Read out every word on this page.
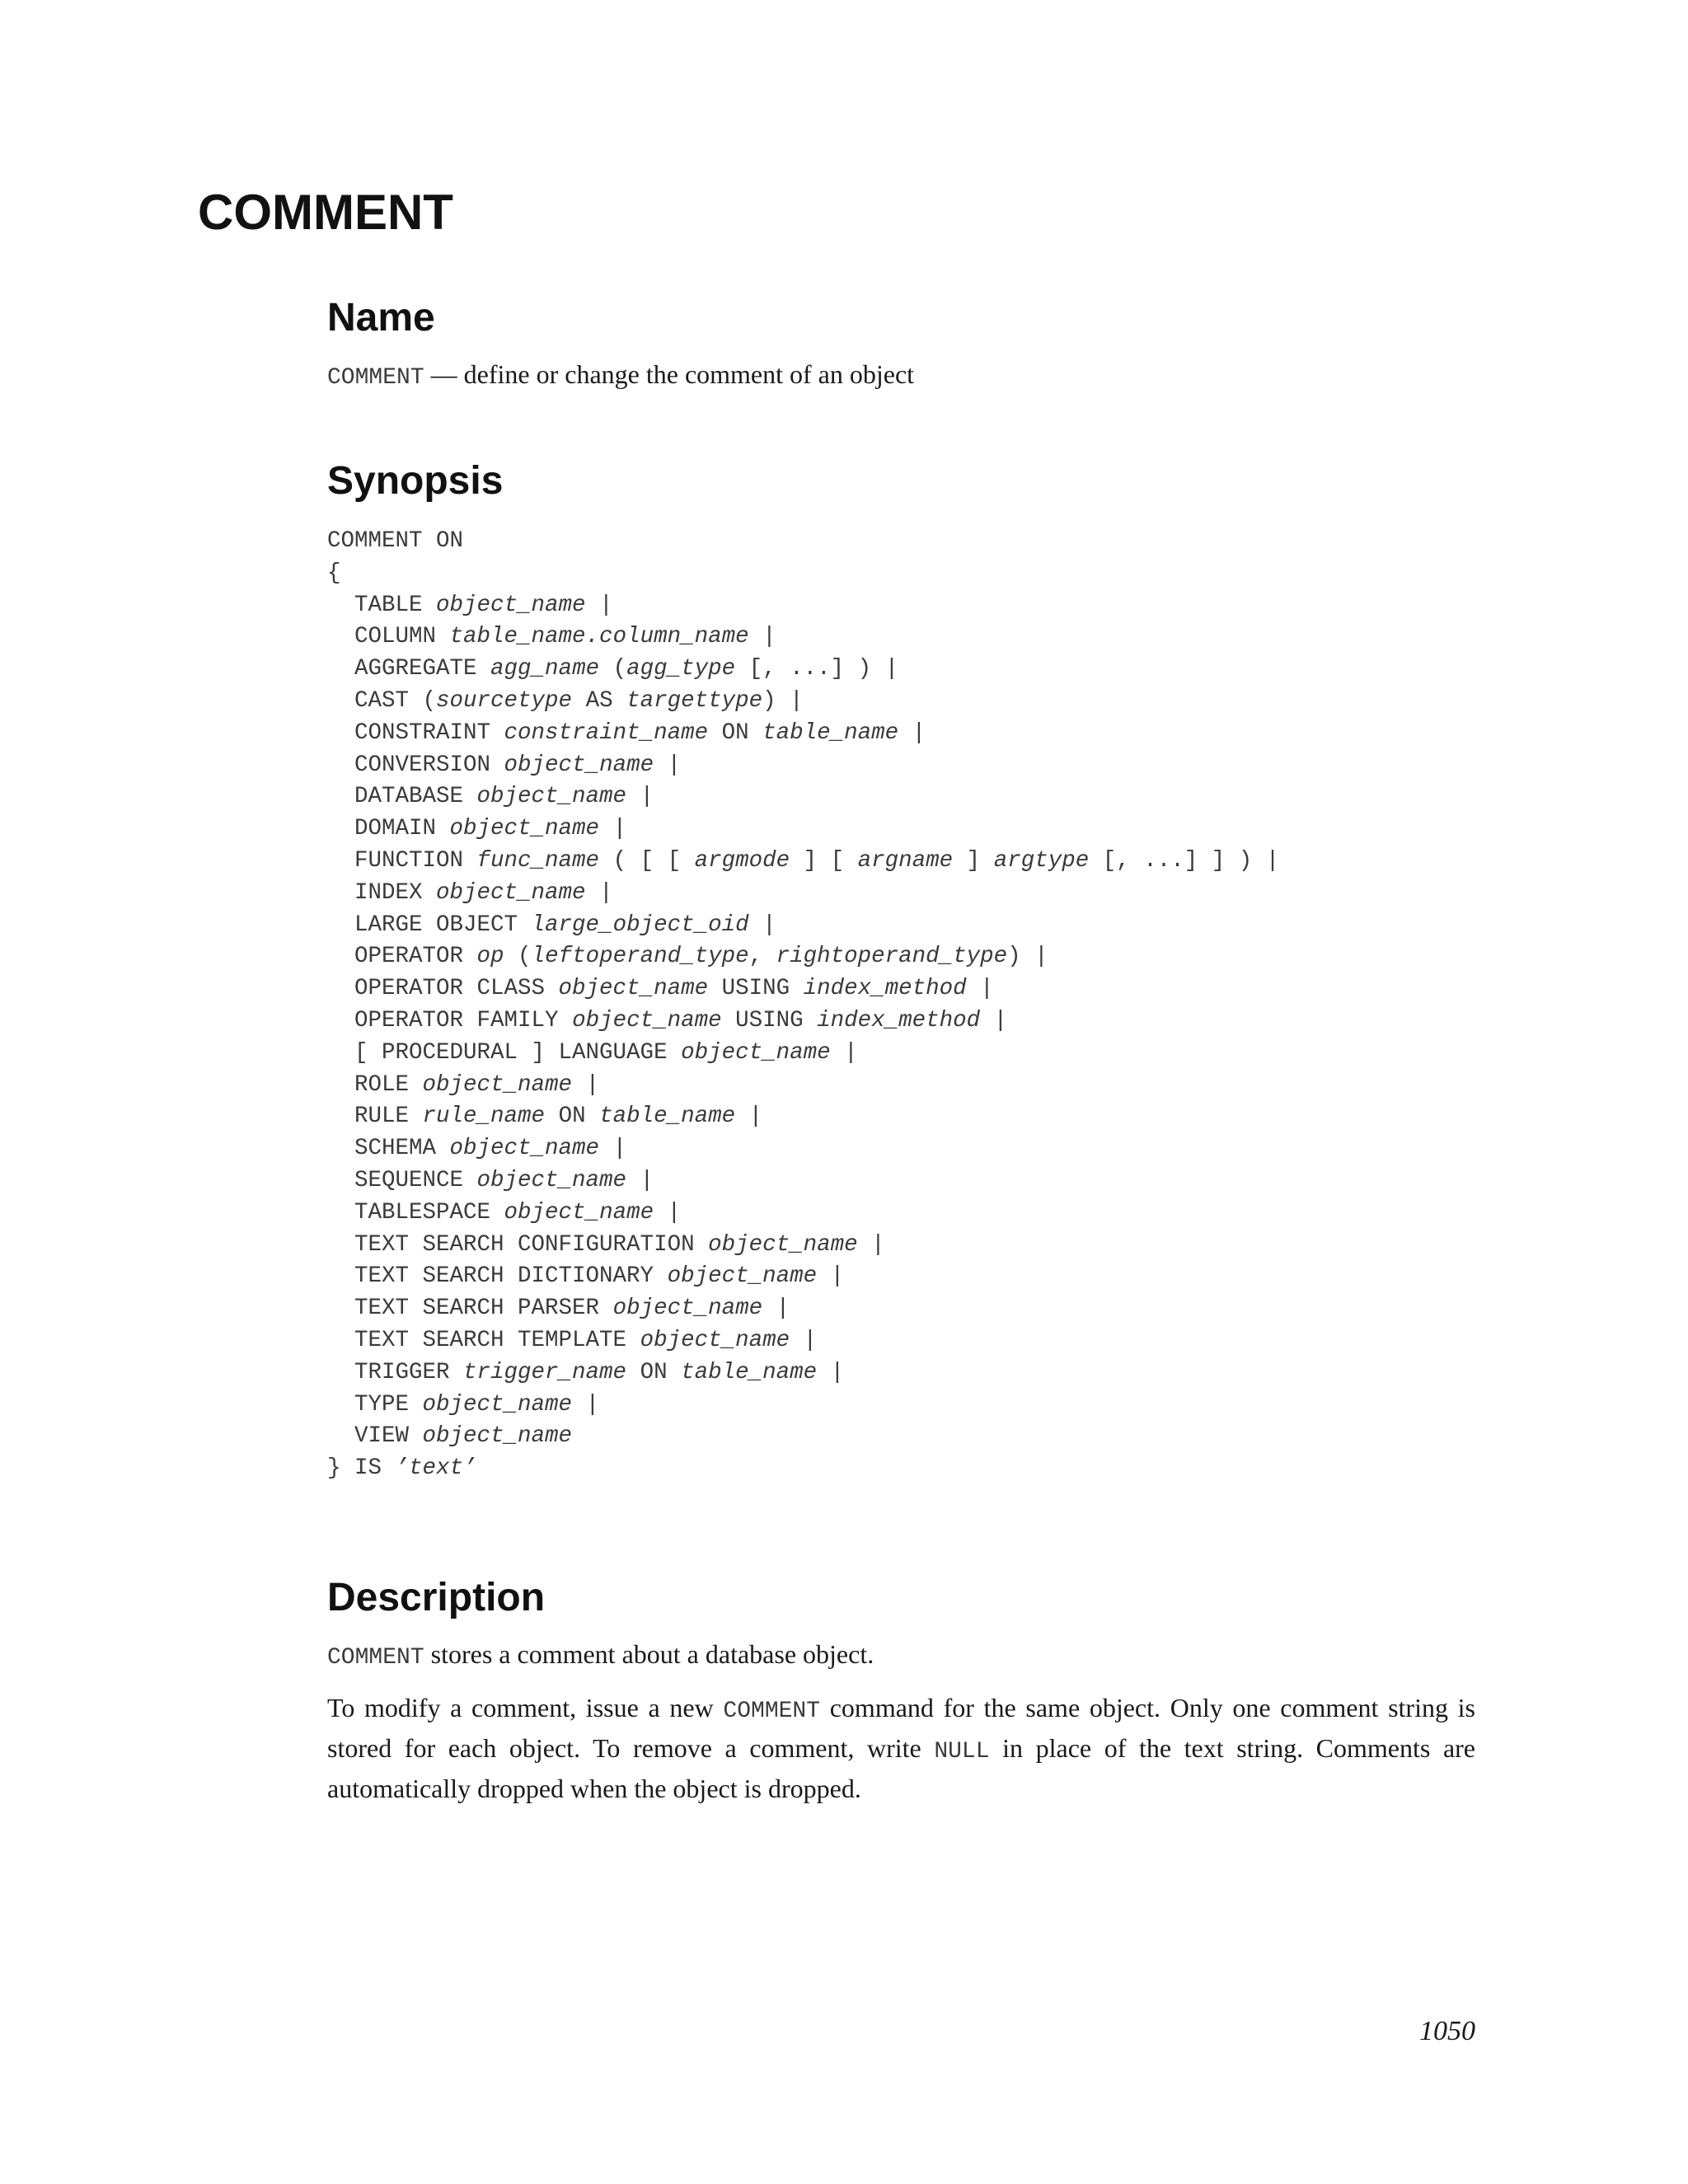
COMMENT
Name

COMMENT — define or change the comment of an object

Synopsis
COMMENT ON
{
TABLE object_name |
COLUMN table_name.column_name |
AGGREGATE agg_name (agg_type [, ...] ) |
CAST (sourcetype AS targettype) |
CONSTRAINT constraint_name ON table_name |
CONVERSION object_name |
DATABASE object_name |
DOMAIN object_name |
FUNCTION func_name ( [ [ argmode ] [ argname ] argtype [, ...] ] ) |
INDEX object_name |
LARGE OBJECT large_object_oid |
OPERATOR op (leftoperand_type, rightoperand_type) |
OPERATOR CLASS object_name USING index_method |
OPERATOR FAMILY object_name USING index_method |
[ PROCEDURAL ] LANGUAGE object_name |
ROLE object_name |
RULE rule_name ON table_name |
SCHEMA object_name |
SEQUENCE object_name |
TABLESPACE object_name |
TEXT SEARCH CONFIGURATION object_name |
TEXT SEARCH DICTIONARY object_name |
TEXT SEARCH PARSER object_name |
TEXT SEARCH TEMPLATE object_name |
TRIGGER trigger_name ON table_name |
TYPE object_name |
VIEW object_name
} IS ’text’
Description

COMMENT stores a comment about a database object.

To modify a comment, issue a new COMMENT command for the same object. Only one comment string is stored for each object. To remove a comment, write NULL in place of the text string. Comments are automatically dropped when the object is dropped.

1050
